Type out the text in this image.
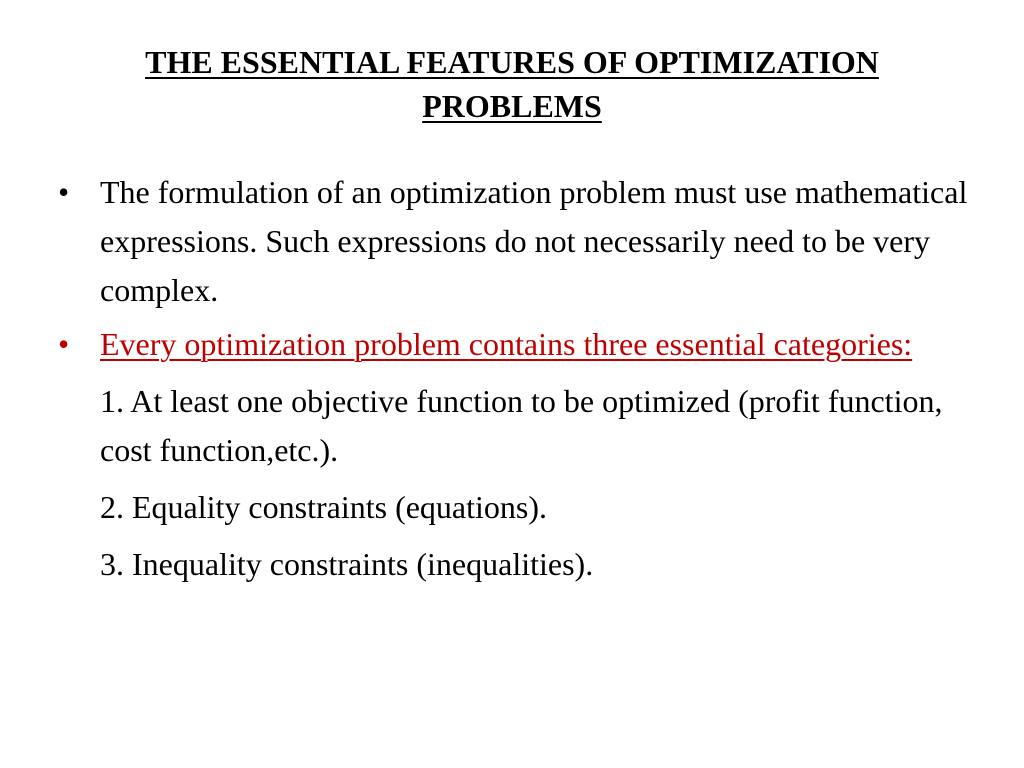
THE ESSENTIAL FEATURES OF OPTIMIZATION PROBLEMS
• The formulation of an optimization problem must use mathematical expressions. Such expressions do not necessarily need to be very complex.
• Every optimization problem contains three essential categories:
1. At least one objective function to be optimized (profit function, cost function,etc.).
2. Equality constraints (equations).
3. Inequality constraints (inequalities).
